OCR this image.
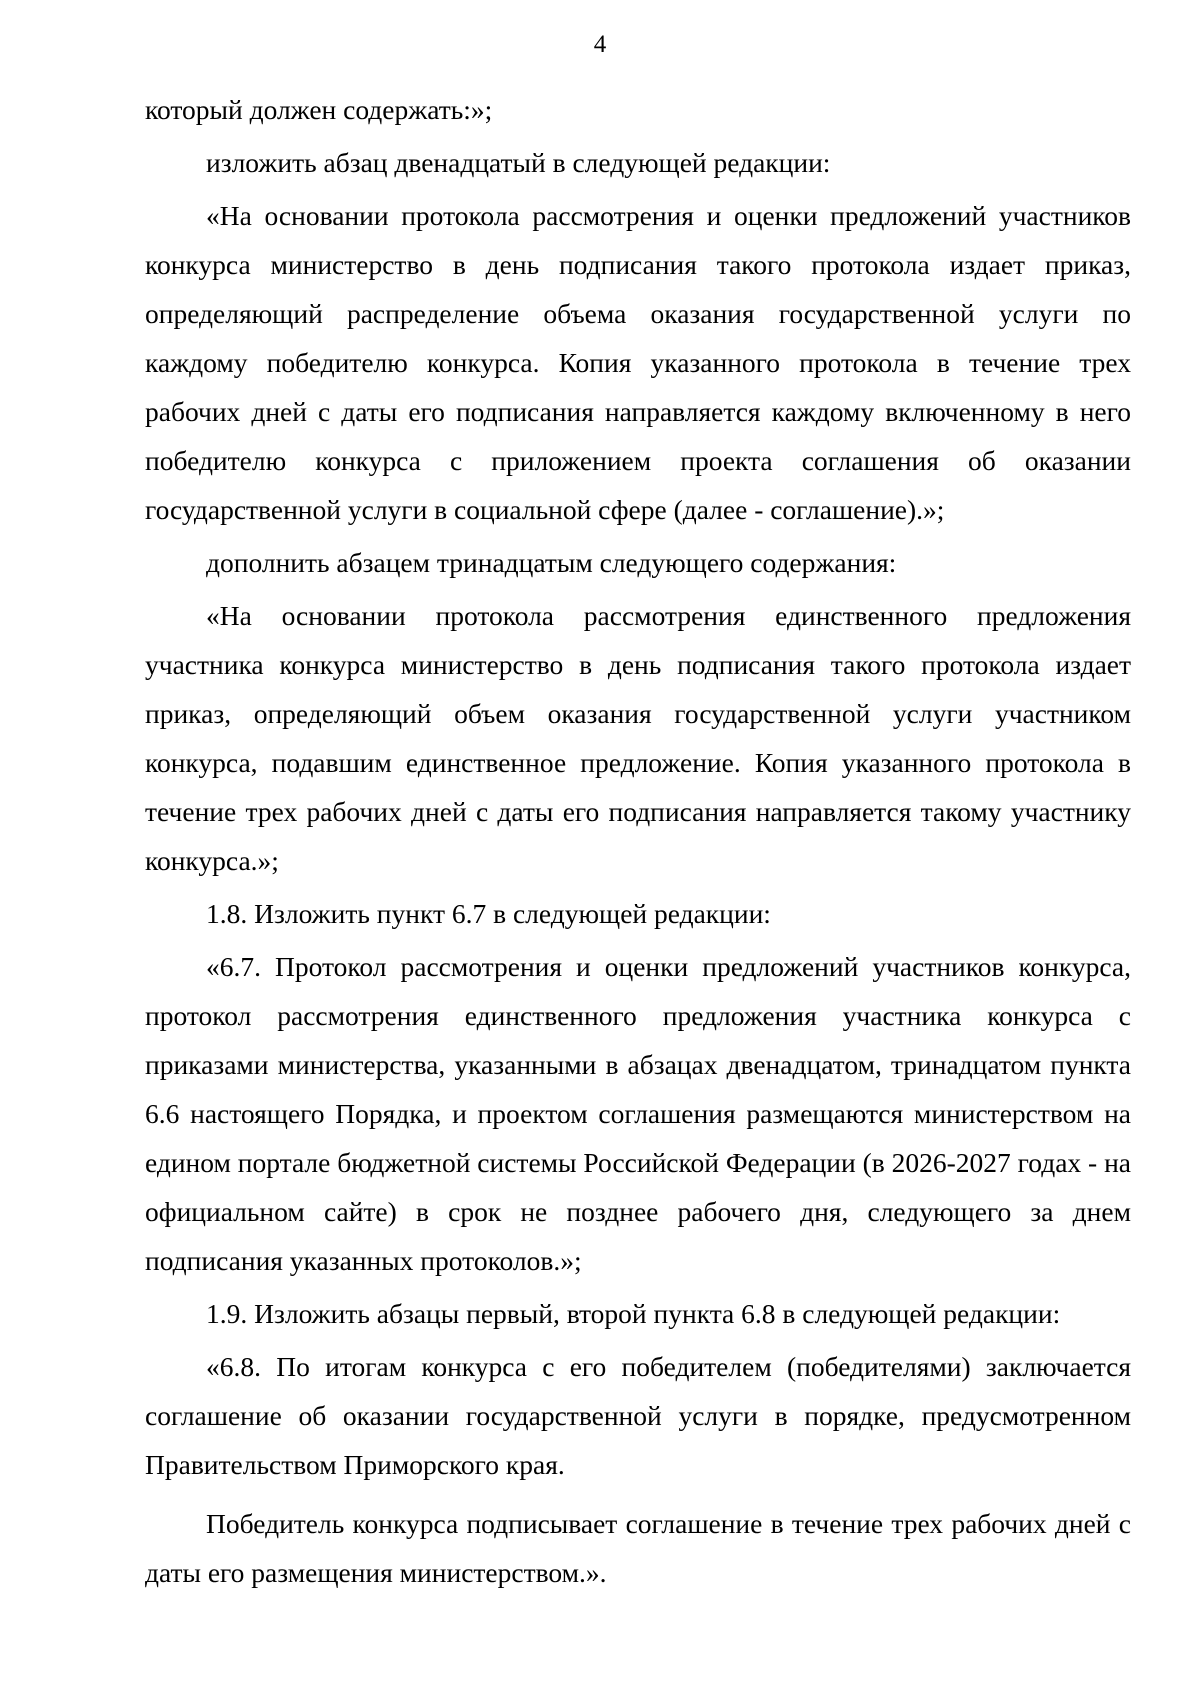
4

который должен содержать:»;

изложить абзац двенадцатый в следующей редакции:

«На основании протокола рассмотрения и оценки предложений участников конкурса министерство в день подписания такого протокола издает приказ, определяющий распределение объема оказания государственной услуги по каждому победителю конкурса. Копия указанного протокола в течение трех рабочих дней с даты его подписания направляется каждому включенному в него победителю конкурса с приложением проекта соглашения об оказании государственной услуги в социальной сфере (далее - соглашение).»;

дополнить абзацем тринадцатым следующего содержания:

«На основании протокола рассмотрения единственного предложения участника конкурса министерство в день подписания такого протокола издает приказ, определяющий объем оказания государственной услуги участником конкурса, подавшим единственное предложение. Копия указанного протокола в течение трех рабочих дней с даты его подписания направляется такому участнику конкурса.»;

1.8. Изложить пункт 6.7 в следующей редакции:

«6.7. Протокол рассмотрения и оценки предложений участников конкурса, протокол рассмотрения единственного предложения участника конкурса с приказами министерства, указанными в абзацах двенадцатом, тринадцатом пункта 6.6 настоящего Порядка, и проектом соглашения размещаются министерством на едином портале бюджетной системы Российской Федерации (в 2026-2027 годах - на официальном сайте) в срок не позднее рабочего дня, следующего за днем подписания указанных протоколов.»;

1.9. Изложить абзацы первый, второй пункта 6.8 в следующей редакции:

«6.8. По итогам конкурса с его победителем (победителями) заключается соглашение об оказании государственной услуги в порядке, предусмотренном Правительством Приморского края.

Победитель конкурса подписывает соглашение в течение трех рабочих дней с даты его размещения министерством.».
